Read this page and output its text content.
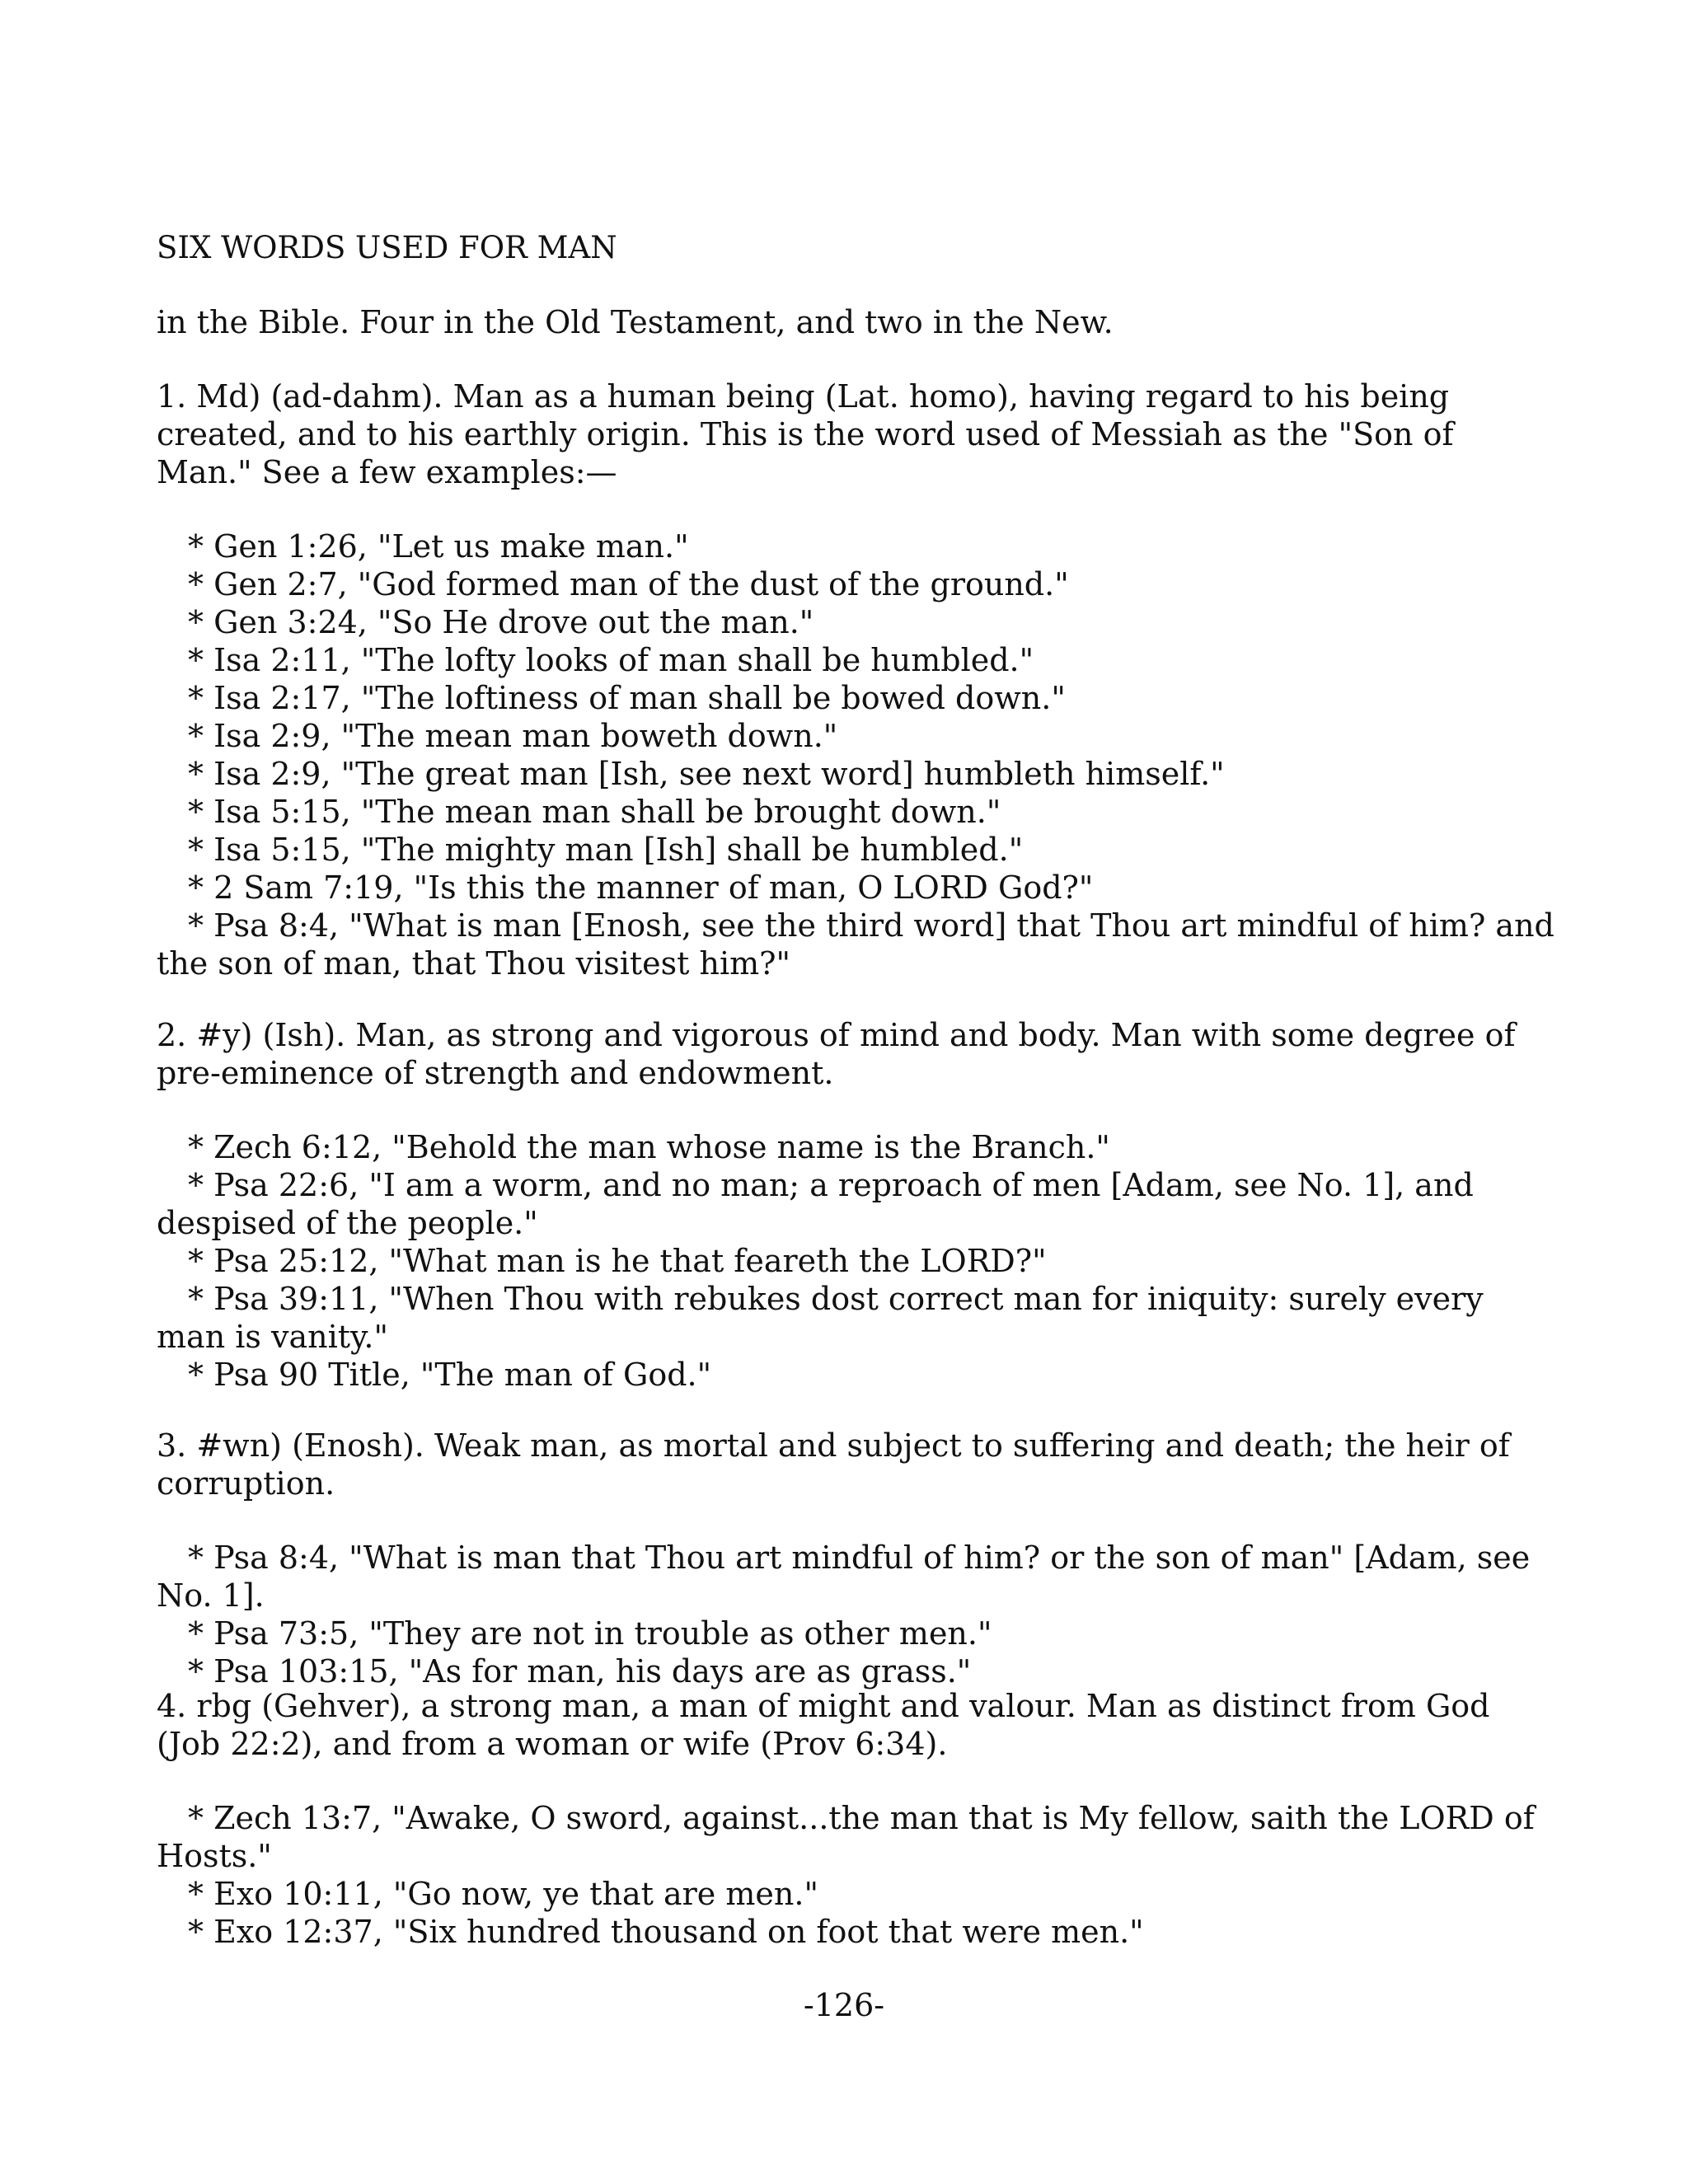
SIX WORDS USED FOR MAN

in the Bible. Four in the Old Testament, and two in the New.

1. Md) (ad-dahm). Man as a human being (Lat. homo), having regard to his being created, and to his earthly origin. This is the word used of Messiah as the "Son of Man." See a few examples:—

* Gen 1:26, "Let us make man."

* Gen 2:7, "God formed man of the dust of the ground."

* Gen 3:24, "So He drove out the man."

* Isa 2:11, "The lofty looks of man shall be humbled."

* Isa 2:17, "The loftiness of man shall be bowed down."

* Isa 2:9, "The mean man boweth down."

* Isa 2:9, "The great man [Ish, see next word] humbleth himself."

* Isa 5:15, "The mean man shall be brought down."

* Isa 5:15, "The mighty man [Ish] shall be humbled."

* 2 Sam 7:19, "Is this the manner of man, O LORD God?"

* Psa 8:4, "What is man [Enosh, see the third word] that Thou art mindful of him? and the son of man, that Thou visitest him?"

2. #y) (Ish). Man, as strong and vigorous of mind and body. Man with some degree of pre-eminence of strength and endowment.

* Zech 6:12, "Behold the man whose name is the Branch."

* Psa 22:6, "I am a worm, and no man; a reproach of men [Adam, see No. 1], and despised of the people."

* Psa 25:12, "What man is he that feareth the LORD?"

* Psa 39:11, "When Thou with rebukes dost correct man for iniquity: surely every man is vanity."

* Psa 90 Title, "The man of God."

3. #wn) (Enosh). Weak man, as mortal and subject to suffering and death; the heir of corruption.

* Psa 8:4, "What is man that Thou art mindful of him? or the son of man" [Adam, see No. 1].

* Psa 73:5, "They are not in trouble as other men."

* Psa 103:15, "As for man, his days are as grass."

4. rbg (Gehver), a strong man, a man of might and valour. Man as distinct from God (Job 22:2), and from a woman or wife (Prov 6:34).

* Zech 13:7, "Awake, O sword, against...the man that is My fellow, saith the LORD of Hosts."

* Exo 10:11, "Go now, ye that are men."

* Exo 12:37, "Six hundred thousand on foot that were men."

-126-
